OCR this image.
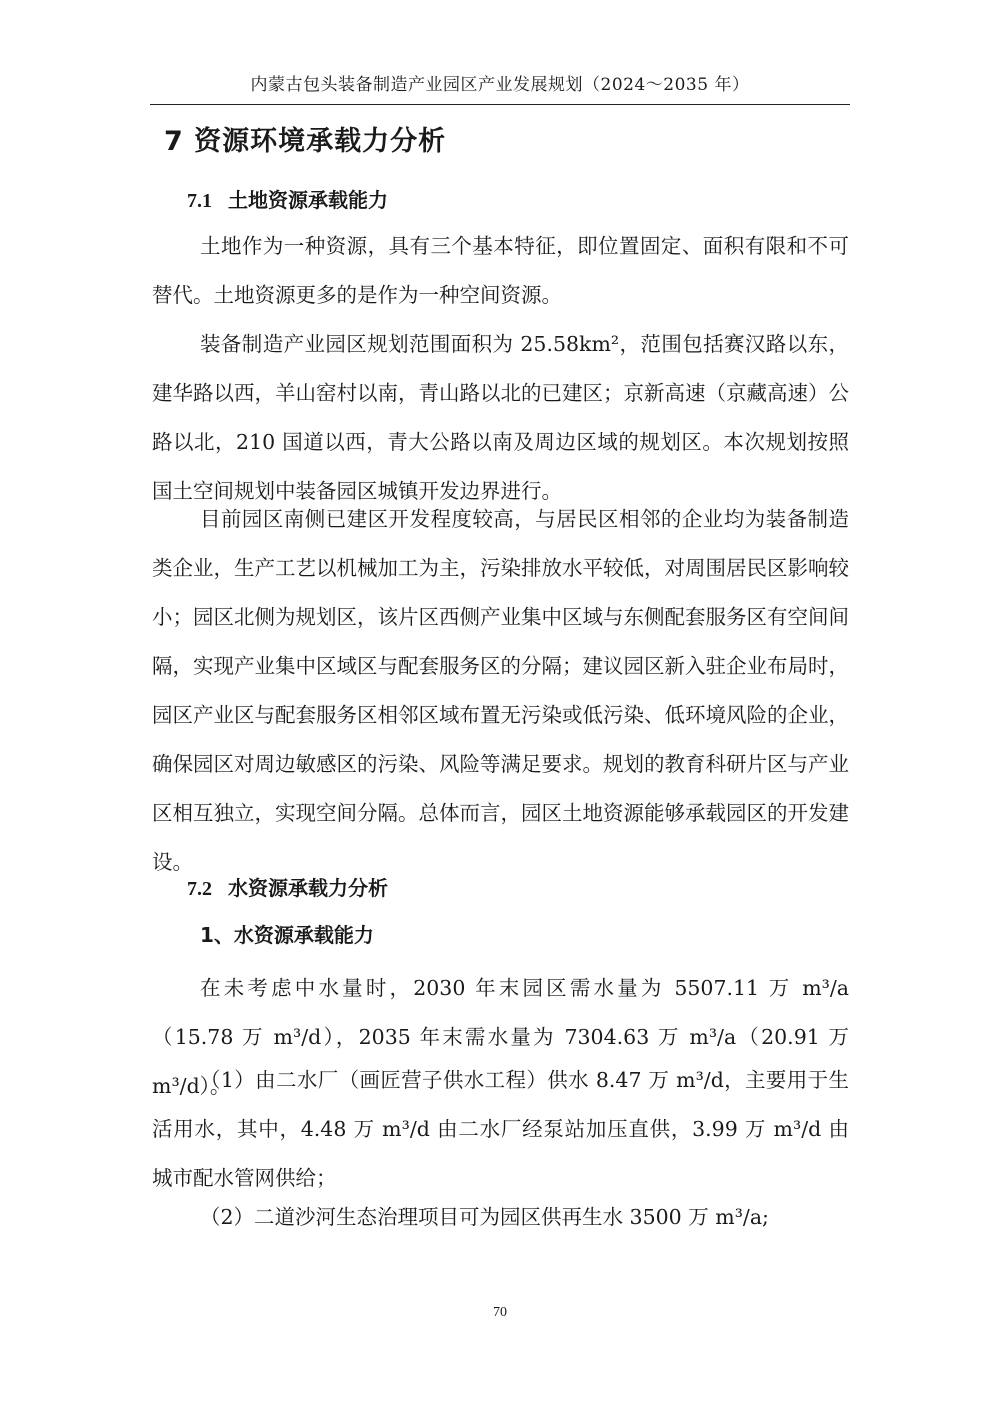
内蒙古包头装备制造产业园区产业发展规划（2024～2035 年）
7 资源环境承载力分析
7.1 土地资源承载能力
土地作为一种资源，具有三个基本特征，即位置固定、面积有限和不可替代。土地资源更多的是作为一种空间资源。
装备制造产业园区规划范围面积为 25.58km²，范围包括赛汉路以东，建华路以西，羊山窑村以南，青山路以北的已建区；京新高速（京藏高速）公路以北，210 国道以西，青大公路以南及周边区域的规划区。本次规划按照国土空间规划中装备园区城镇开发边界进行。
目前园区南侧已建区开发程度较高，与居民区相邻的企业均为装备制造类企业，生产工艺以机械加工为主，污染排放水平较低，对周围居民区影响较小；园区北侧为规划区，该片区西侧产业集中区域与东侧配套服务区有空间间隔，实现产业集中区域区与配套服务区的分隔；建议园区新入驻企业布局时，园区产业区与配套服务区相邻区域布置无污染或低污染、低环境风险的企业，确保园区对周边敏感区的污染、风险等满足要求。规划的教育科研片区与产业区相互独立，实现空间分隔。总体而言，园区土地资源能够承载园区的开发建设。
7.2 水资源承载力分析
1、水资源承载能力
在未考虑中水量时，2030 年末园区需水量为 5507.11 万 m³/a（15.78 万 m³/d），2035 年末需水量为 7304.63 万 m³/a（20.91 万 m³/d）。
（1）由二水厂（画匠营子供水工程）供水 8.47 万 m³/d，主要用于生活用水，其中，4.48 万 m³/d 由二水厂经泵站加压直供，3.99 万 m³/d 由城市配水管网供给；
（2）二道沙河生态治理项目可为园区供再生水 3500 万 m³/a;
70
